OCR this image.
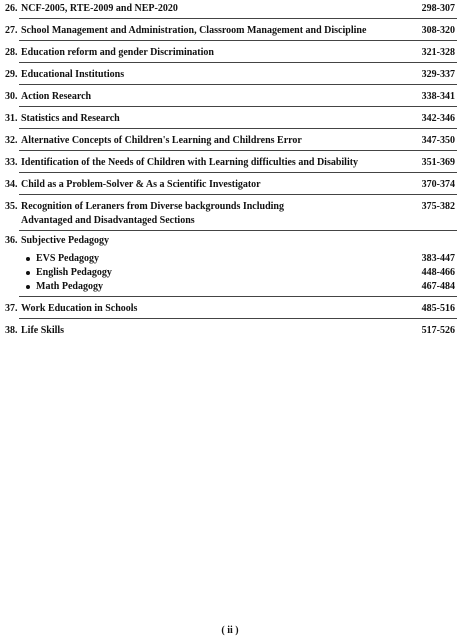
26. NCF-2005, RTE-2009 and NEP-2020	298-307
27. School Management and Administration, Classroom Management and Discipline	308-320
28. Education reform and gender Discrimination	321-328
29. Educational Institutions	329-337
30. Action Research	338-341
31. Statistics and Research	342-346
32. Alternative Concepts of Children's Learning and Childrens Error	347-350
33. Identification of the Needs of Children with Learning difficulties and Disability	351-369
34. Child as a Problem-Solver & As a Scientific Investigator	370-374
35. Recognition of Leraners from Diverse backgrounds Including	375-382
Advantaged and Disadvantaged Sections
36. Subjective Pedagogy
EVS Pedagogy	383-447
English Pedagogy	448-466
Math Pedagogy	467-484
37. Work Education in Schools	485-516
38. Life Skills	517-526
( ii )
